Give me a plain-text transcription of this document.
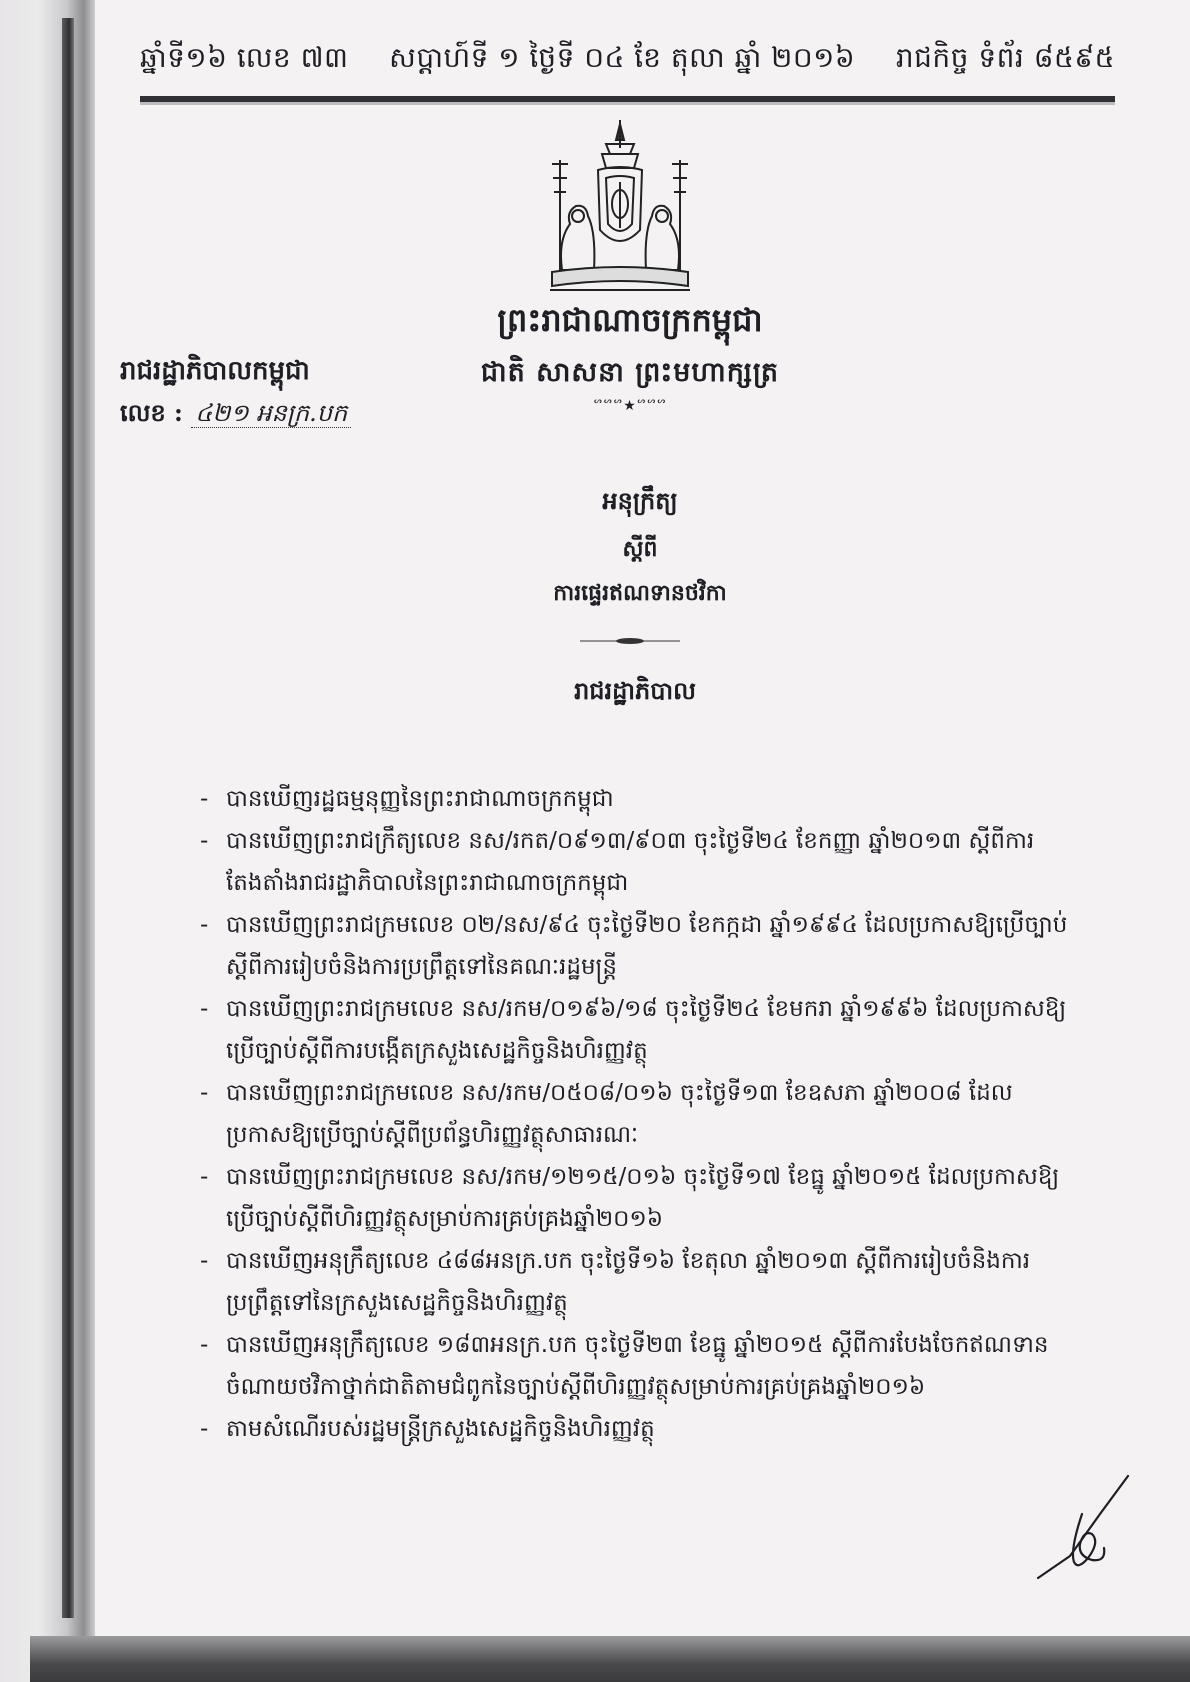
ឆ្នាំទី១៦ លេខ ៧៣ សប្តាហ៍ទី ១ ថ្ងៃទី ០៤ ខែ តុលា ឆ្នាំ ២០១៦ រាជកិច្ច ទំព័រ ៨៥៩៥
ព្រះរាជាណាចក្រកម្ពុជា
ជាតិ សាសនា ព្រះមហាក្សត្រ
ᔥᔥᔥ★ᔥᔥᔥ
រាជរដ្ឋាភិបាលកម្ពុជា
លេខ : ៤២១ អនក្រ.បក
អនុក្រឹត្យ
ស្តីពី
ការផ្ទេរឥណទានថវិកា
រាជរដ្ឋាភិបាល
- បានឃើញរដ្ឋធម្មនុញ្ញនៃព្រះរាជាណាចក្រកម្ពុជា
- បានឃើញព្រះរាជក្រឹត្យលេខ នស/រកត/០៩១៣/៩០៣ ចុះថ្ងៃទី២៤ ខែកញ្ញា ឆ្នាំ២០១៣ ស្តីពីការតែងតាំងរាជរដ្ឋាភិបាលនៃព្រះរាជាណាចក្រកម្ពុជា
- បានឃើញព្រះរាជក្រមលេខ ០២/នស/៩៤ ចុះថ្ងៃទី២០ ខែកក្កដា ឆ្នាំ១៩៩៤ ដែលប្រកាសឱ្យប្រើច្បាប់ស្តីពីការរៀបចំនិងការប្រព្រឹត្តទៅនៃគណៈរដ្ឋមន្ត្រី
- បានឃើញព្រះរាជក្រមលេខ នស/រកម/០១៩៦/១៨ ចុះថ្ងៃទី២៤ ខែមករា ឆ្នាំ១៩៩៦ ដែលប្រកាសឱ្យប្រើច្បាប់ស្តីពីការបង្កើតក្រសួងសេដ្ឋកិច្ចនិងហិរញ្ញវត្ថុ
- បានឃើញព្រះរាជក្រមលេខ នស/រកម/០៥០៨/០១៦ ចុះថ្ងៃទី១៣ ខែឧសភា ឆ្នាំ២០០៨ ដែលប្រកាសឱ្យប្រើច្បាប់ស្តីពីប្រព័ន្ធហិរញ្ញវត្ថុសាធារណៈ
- បានឃើញព្រះរាជក្រមលេខ នស/រកម/១២១៥/០១៦ ចុះថ្ងៃទី១៧ ខែធ្នូ ឆ្នាំ២០១៥ ដែលប្រកាសឱ្យប្រើច្បាប់ស្តីពីហិរញ្ញវត្ថុសម្រាប់ការគ្រប់គ្រងឆ្នាំ២០១៦
- បានឃើញអនុក្រឹត្យលេខ ៤៨៨អនក្រ.បក ចុះថ្ងៃទី១៦ ខែតុលា ឆ្នាំ២០១៣ ស្តីពីការរៀបចំនិងការប្រព្រឹត្តទៅនៃក្រសួងសេដ្ឋកិច្ចនិងហិរញ្ញវត្ថុ
- បានឃើញអនុក្រឹត្យលេខ ១៨៣អនក្រ.បក ចុះថ្ងៃទី២៣ ខែធ្នូ ឆ្នាំ២០១៥ ស្តីពីការបែងចែកឥណទានចំណាយថវិកាថ្នាក់ជាតិតាមជំពូកនៃច្បាប់ស្តីពីហិរញ្ញវត្ថុសម្រាប់ការគ្រប់គ្រងឆ្នាំ២០១៦
- តាមសំណើរបស់រដ្ឋមន្ត្រីក្រសួងសេដ្ឋកិច្ចនិងហិរញ្ញវត្ថុ
